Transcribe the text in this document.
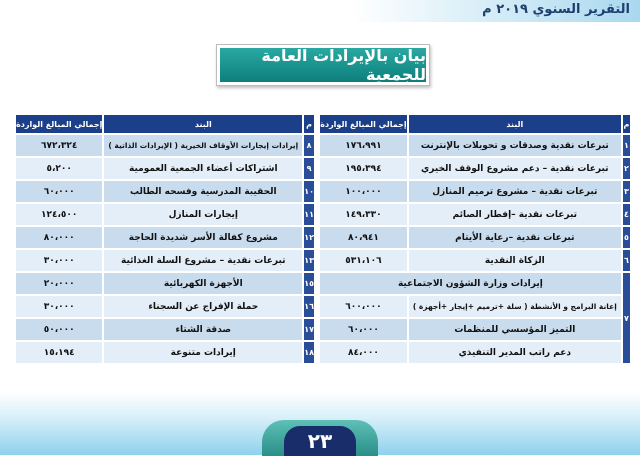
التقرير السنوي ٢٠١٩ م
بيان بالإيرادات العامة للجمعية
م	البند	إجمالي المبالغ الواردة
١	تبرعات نقدية وصدقات و تحويلات بالإنترنت	١٧٦،٩٩١
٢	تبرعات نقدية – دعم مشروع الوقف الخيري	١٩٥،٣٩٤
٣	تبرعات نقدية – مشروع ترميم المنازل	١٠٠،٠٠٠
٤	تبرعات نقدية –إفطار الصائم	١٤٩،٣٣٠
٥	تبرعات نقدية –رعاية الأيتام	٨٠،٩٤١
٦	الزكاة النقدية	٥٣١،١٠٦
٧	إيرادات وزارة الشؤون الاجتماعية	
	إعانة البرامج و الأنشطة ( سلة +ترميم +إيجار +أجهزة )	٦٠٠،٠٠٠
	التميز المؤسسي للمنظمات	٦٠،٠٠٠
	دعم راتب المدير التنفيذي	٨٤،٠٠٠
م	البند	إجمالي المبالغ الواردة
٨	إيرادات إيجارات الأوقاف الخيرية ( الإيرادات الذاتية )	٦٧٢،٣٢٤
٩	اشتراكات أعضاء الجمعية العمومية	٥،٢٠٠
١٠	الحقيبة المدرسية وفسحه الطالب	٦٠،٠٠٠
١١	إيجارات المنازل	١٢٤،٥٠٠
١٢	مشروع كفالة الأسر شديدة الحاجة	٨٠،٠٠٠
١٣	تبرعات نقدية – مشروع السلة الغذائية	٣٠،٠٠٠
١٥	الأجهزة الكهربائية	٢٠،٠٠٠
١٦	حملة الإفراج عن السجناء	٣٠،٠٠٠
١٧	صدقة الشتاء	٥٠،٠٠٠
١٨	إيرادات متنوعة	١٥،١٩٤
٢٣
